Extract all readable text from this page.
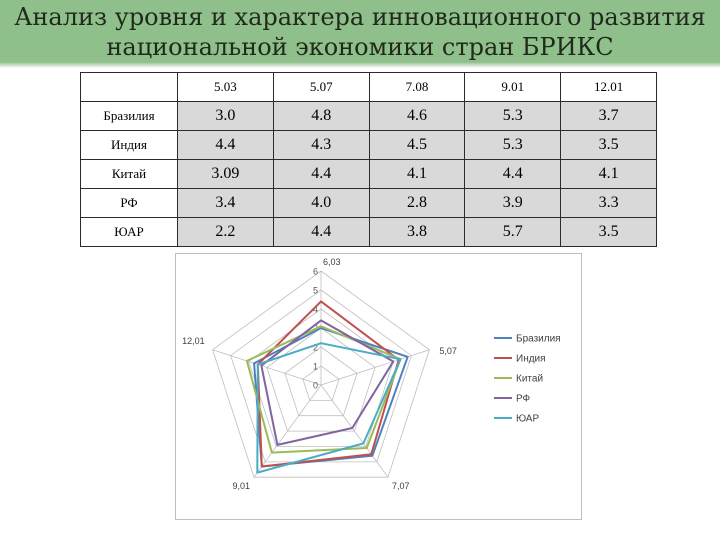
Анализ уровня и характера инновационного развития
национальной экономики стран БРИКС
	5.03	5.07	7.08	9.01	12.01
Бразилия	3.0	4.8	4.6	5.3	3.7
Индия	4.4	4.3	4.5	5.3	3.5
Китай	3.09	4.4	4.1	4.4	4.1
РФ	3.4	4.0	2.8	3.9	3.3
ЮАР	2.2	4.4	3.8	5.7	3.5
0
1
2
3
4
5
6
6,03
5,07
7,07
9,01
12,01	Бразилия
Индия
Китай
РФ
ЮАР
